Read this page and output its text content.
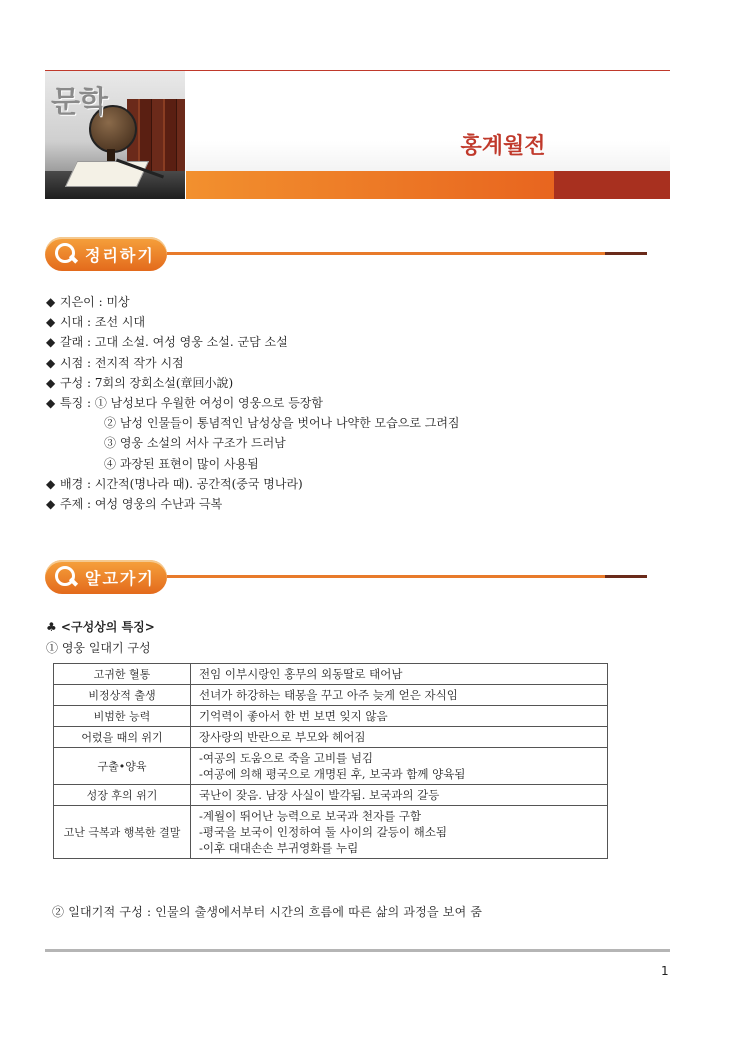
문학
홍계월전
정리하기
◆ 지은이 : 미상
◆ 시대 : 조선 시대
◆ 갈래 : 고대 소설. 여성 영웅 소설. 군담 소설
◆ 시점 : 전지적 작가 시점
◆ 구성 : 7회의 장회소설(章回小說)
◆ 특징 : ① 남성보다 우월한 여성이 영웅으로 등장함
② 남성 인물들이 통념적인 남성상을 벗어나 나약한 모습으로 그려짐
③ 영웅 소설의 서사 구조가 드러남
④ 과장된 표현이 많이 사용됨
◆ 배경 : 시간적(명나라 때). 공간적(중국 명나라)
◆ 주제 : 여성 영웅의 수난과 극복
알고가기
♣ <구성상의 특징>
① 영웅 일대기 구성
고귀한 혈통	전임 이부시랑인 홍무의 외동딸로 태어남

비정상적 출생	선녀가 하강하는 태몽을 꾸고 아주 늦게 얻은 자식임

비범한 능력	기억력이 좋아서 한 번 보면 잊지 않음

어렸을 때의 위기	장사랑의 반란으로 부모와 헤어짐

구출•양육	-여공의 도움으로 죽을 고비를 넘김
-여공에 의해 평국으로 개명된 후, 보국과 함께 양육됨

성장 후의 위기	국난이 잦음. 남장 사실이 발각됨. 보국과의 갈등

고난 극복과 행복한 결말	-계월이 뛰어난 능력으로 보국과 천자를 구함
-평국을 보국이 인정하여 둘 사이의 갈등이 해소됨
-이후 대대손손 부귀영화를 누림
② 일대기적 구성 : 인물의 출생에서부터 시간의 흐름에 따른 삶의 과정을 보여 줌
1
